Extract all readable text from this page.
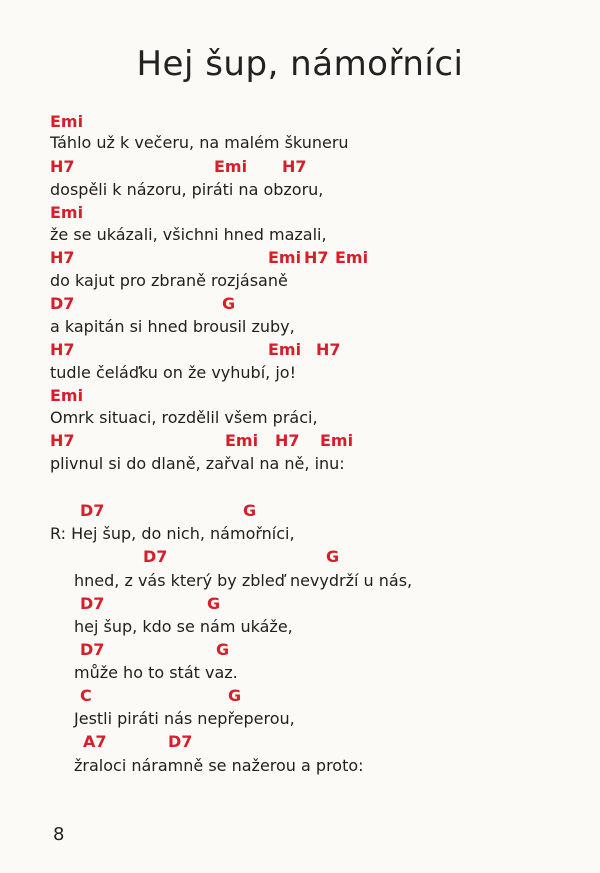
Hej šup, námořníci
Emi
Táhlo už k večeru, na malém škuneru
H7	Emi H7
dospěli k názoru, piráti na obzoru,
Emi
že se ukázali, všichni hned mazali,
H7	Emi H7 Emi
do kajut pro zbraně rozjásaně
D7	G
a kapitán si hned brousil zuby,
H7	Emi H7
tudle čeláďku on že vyhubí, jo!
Emi
Omrk situaci, rozdělil všem práci,
H7	Emi H7 Emi
plivnul si do dlaně, zařval na ně, inu:
D7	G
R: Hej šup, do nich, námořníci,
D7	G
hned, z vás který by zbleď nevydrží u nás,
D7	G
hej šup, kdo se nám ukáže,
D7	G
může ho to stát vaz.
C	G
Jestli piráti nás nepřeperou,
A7	D7
žraloci náramně se nažerou a proto:
8
